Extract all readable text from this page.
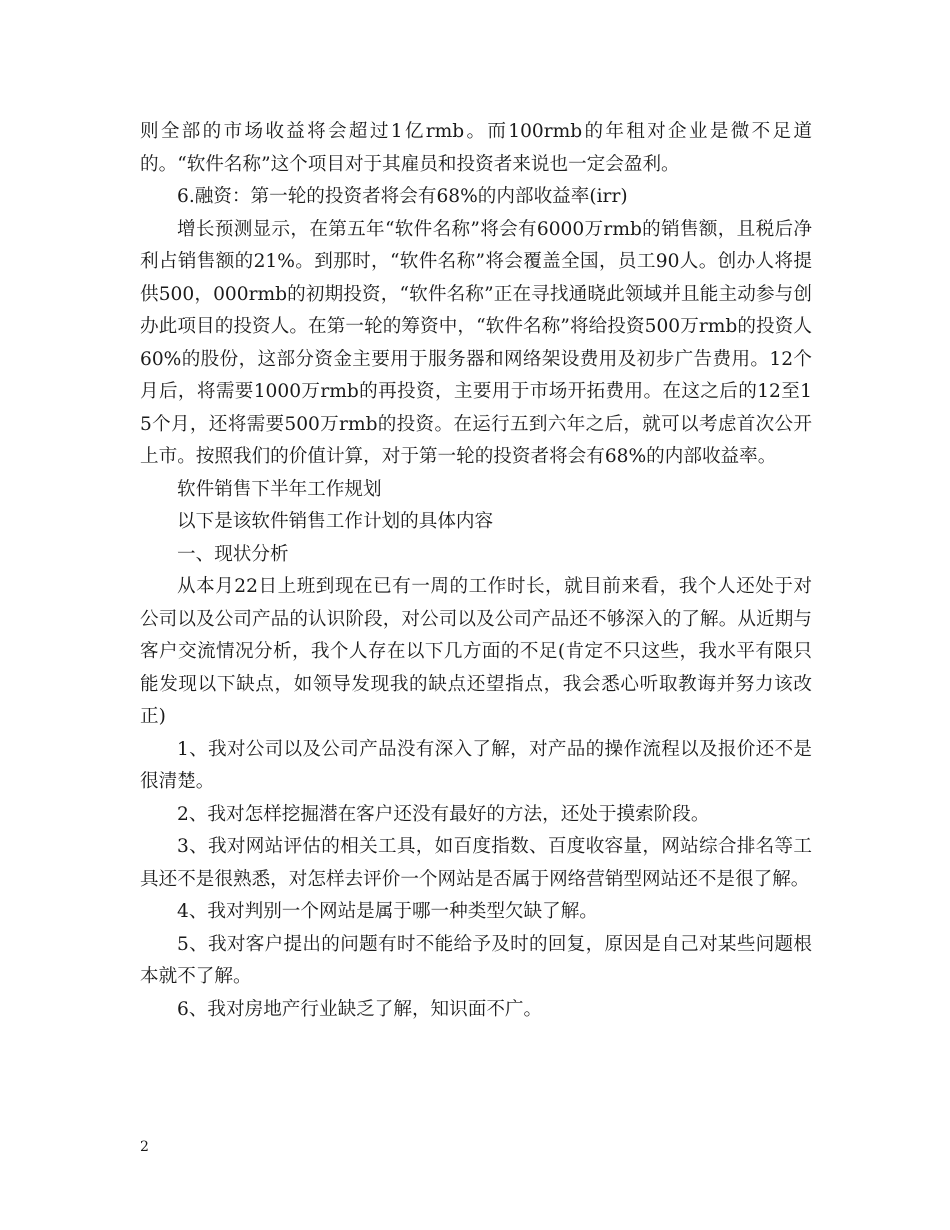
则全部的市场收益将会超过1亿rmb。而100rmb的年租对企业是微不足道的。“软件名称”这个项目对于其雇员和投资者来说也一定会盈利。

6.融资：第一轮的投资者将会有68%的内部收益率(irr)

增长预测显示，在第五年“软件名称”将会有6000万rmb的销售额，且税后净利占销售额的21%。到那时，“软件名称”将会覆盖全国，员工90人。创办人将提供500，000rmb的初期投资，“软件名称”正在寻找通晓此领域并且能主动参与创办此项目的投资人。在第一轮的筹资中，“软件名称”将给投资500万rmb的投资人60%的股份，这部分资金主要用于服务器和网络架设费用及初步广告费用。12个月后，将需要1000万rmb的再投资，主要用于市场开拓费用。在这之后的12至15个月，还将需要500万rmb的投资。在运行五到六年之后，就可以考虑首次公开上市。按照我们的价值计算，对于第一轮的投资者将会有68%的内部收益率。

软件销售下半年工作规划

以下是该软件销售工作计划的具体内容

一、现状分析

从本月22日上班到现在已有一周的工作时长，就目前来看，我个人还处于对公司以及公司产品的认识阶段，对公司以及公司产品还不够深入的了解。从近期与客户交流情况分析，我个人存在以下几方面的不足(肯定不只这些，我水平有限只能发现以下缺点，如领导发现我的缺点还望指点，我会悉心听取教诲并努力该改正)

1、我对公司以及公司产品没有深入了解，对产品的操作流程以及报价还不是很清楚。

2、我对怎样挖掘潜在客户还没有最好的方法，还处于摸索阶段。

3、我对网站评估的相关工具，如百度指数、百度收容量，网站综合排名等工具还不是很熟悉，对怎样去评价一个网站是否属于网络营销型网站还不是很了解。

4、我对判别一个网站是属于哪一种类型欠缺了解。

5、我对客户提出的问题有时不能给予及时的回复，原因是自己对某些问题根本就不了解。

6、我对房地产行业缺乏了解，知识面不广。

2
